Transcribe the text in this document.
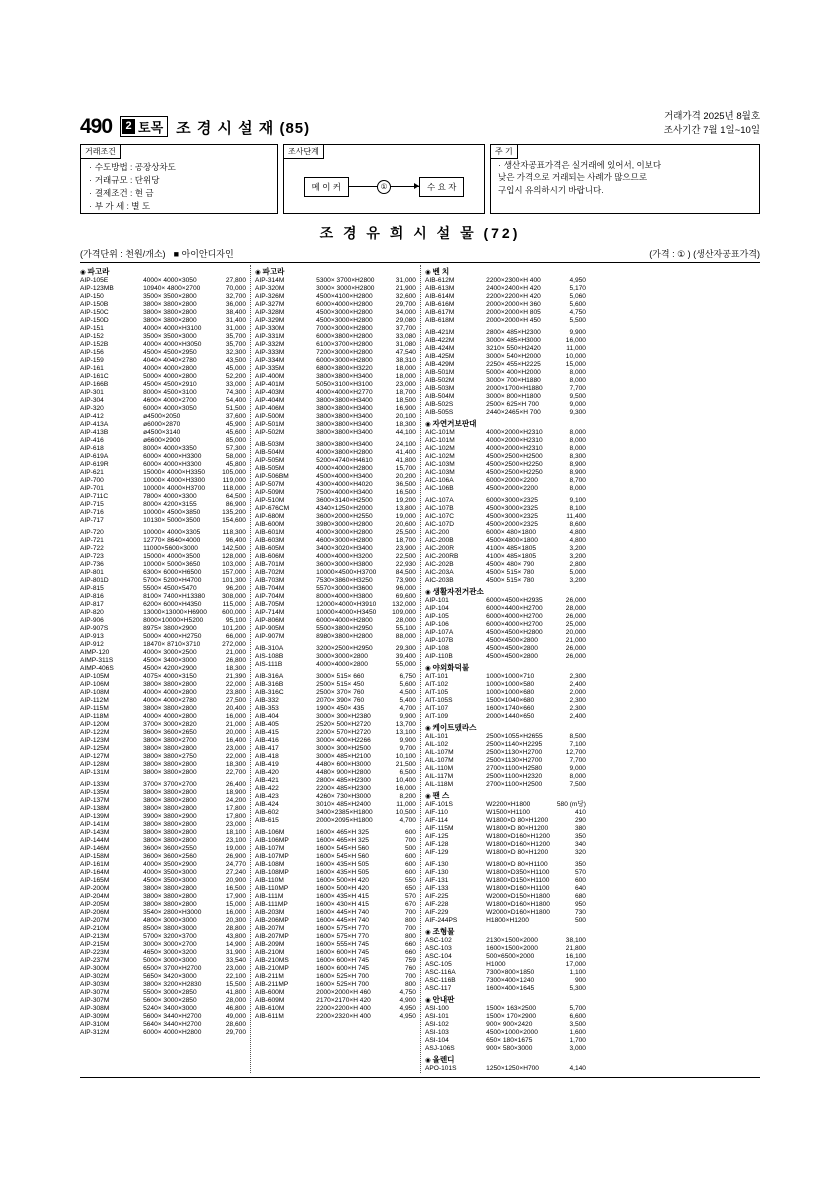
490	2 토목 조 경 시 설 재 (85)
거래가격 2025년 8월호
조사기간 7월 1일~10일
거래조건
· 수도방법 : 공장상차도
· 거래규모 : 단위당
· 결제조건 : 현 금
· 부 가 세 : 별 도
조사단계
메 이 커	①	수 요 자
주 기
· 생산자공표가격은 실거래에 있어서, 이보다
낮은 가격으로 거래되는 사례가 많으므로
구입시 유의하시기 바랍니다.
조 경 유 희 시 설 물 (72)
(가격단위 : 천원/개소) ■ 아이안디자인	(가격 : ① ) (생산자공표가격)
◉ 파고라
AIP-105E	4000× 4000×3050	27,800
AIP-123MB	10940× 4800×2700	70,000
AIP-150	3500× 3500×2800	32,700
AIP-150B	3800× 3800×2800	36,000
AIP-150C	3800× 3800×2800	38,400
AIP-150D	3800× 3800×2800	31,400
AIP-151	4000× 4000×H3100	31,000
AIP-152	3500× 3500×3000	35,700
AIP-152B	4000× 4000×H3050	35,700
AIP-156	4500× 4500×2950	32,300
AIP-159	4040× 4040×2780	43,500
AIP-161	4000× 4000×2800	45,000
AIP-161C	5000× 4000×2800	52,200
AIP-166B	4500× 4500×2910	33,000
AIP-301	8000× 4500×3100	74,300
AIP-304	4600× 4000×2700	54,400
AIP-320	6000× 4000×3050	51,500
AIP-412	ø4500×2050	37,600
AIP-413A	ø6000×2870	45,900
AIP-413B	ø4500×3140	45,600
AIP-416	ø6600×2900	85,000
AIP-618	8000× 4000×3350	57,300
AIP-619A	6000× 4000×H3300	58,000
AIP-619R	6000× 4000×H3300	45,800
AIP-621	15000× 4000×H3350	105,000
AIP-700	10000× 4000×H3300	119,000
AIP-701	10000× 4000×H3700	118,000
AIP-711C	7800× 4000×3300	64,500
AIP-715	8000× 4200×3155	86,900
AIP-716	10000× 4500×3850	135,200
AIP-717	10130× 5000×3500	154,600
AIP-720	10000× 4000×3305	118,300
AIP-721	12770× 8640×4000	96,400
AIP-722	11000×5600×3000	142,500
AIP-723	15000× 4000×3500	128,000
AIP-736	10000× 5000×3650	103,000
AIP-801	6300× 6000×H6500	157,000
AIP-801D	5700× 5200×H4700	101,300
AIP-815	5500× 4500×5470	96,200
AIP-816	8100× 7400×H13380	308,000
AIP-817	6200× 6000×H4350	115,000
AIP-820	13000×13000×H6900	600,000
AIP-906	8000×10000×H5200	95,100
AIP-907S	8975× 3800×2900	101,200
AIP-913	5000× 4000×H2750	66,000
AIP-912	18470× 8710×3710	272,000
AIMP-120	4000× 3000×2500	21,000
AIMP-311S	4500× 3400×3000	26,800
AIMP-406S	4500× 4200×2900	18,300
AIP-105M	4075× 4000×3150	21,390
AIP-106M	3800× 3800×2800	22,000
AIP-108M	4000× 4000×2800	23,800
AIP-112M	4000× 4000×2780	27,500
AIP-115M	3800× 3800×2800	20,400
AIP-118M	4000× 4000×2800	16,000
AIP-120M	3700× 3000×2820	21,000
AIP-122M	3600× 3600×2650	20,000
AIP-123M	3800× 3800×2700	16,400
AIP-125M	3800× 3800×2800	23,000
AIP-127M	3800× 3800×2750	22,000
AIP-128M	3800× 3800×2800	18,300
AIP-131M	3800× 3800×2800	22,700
AIP-133M	3700× 3700×2700	26,400
AIP-135M	3800× 3800×2800	18,900
AIP-137M	3800× 3800×2800	24,200
AIP-138M	3800× 3800×2800	17,800
AIP-139M	3900× 3800×2900	17,800
AIP-141M	3800× 3800×2800	23,000
AIP-143M	3800× 3800×2800	18,100
AIP-144M	3800× 3800×2800	23,100
AIP-146M	3600× 3600×2550	19,000
AIP-158M	3600× 3600×2560	26,900
AIP-161M	4000× 3500×2900	24,770
AIP-164M	4000× 3500×3000	27,240
AIP-165M	4500× 3500×3000	20,900
AIP-200M	3800× 3800×2800	16,500
AIP-204M	3800× 3800×2800	17,900
AIP-205M	3800× 3800×2800	15,000
AIP-206M	3540× 2800×H3000	16,000
AIP-207M	4800× 3000×3000	20,300
AIP-210M	8500× 3800×3000	28,800
AIP-213M	5700× 3200×3700	43,800
AIP-215M	3000× 3000×2700	14,900
AIP-223M	4650× 3000×3200	31,900
AIP-237M	5000× 3000×3000	33,540
AIP-300M	6500× 3700×H2700	23,000
AIP-302M	5650× 3420×3000	22,100
AIP-303M	3800× 3200×H2830	15,500
AIP-307M	5500× 3000×2850	41,800
AIP-307M	5600× 3000×2850	28,000
AIP-308M	5240× 3400×3000	46,800
AIP-309M	5600× 3440×H2700	49,000
AIP-310M	5640× 3440×H2700	28,600
AIP-312M	6000× 4000×H2800	29,700
◉ 파고라
AIP-314M	5300× 3700×H2800	31,000
AIP-320M	3000× 3000×H2800	21,900
AIP-326M	4500×4100×H2800	32,600
AIP-327M	6000×4000×H2800	29,700
AIP-328M	4500×3000×H2800	34,000
AIP-329M	4500×3000×H2800	29,080
AIP-330M	7000×3000×H2800	37,700
AIP-331M	6000×3800×H2800	33,080
AIP-332M	6100×3700×H2800	31,080
AIP-333M	7200×3000×H2800	47,540
AIP-334M	6000×3000×H2800	38,310
AIP-335M	6800×3800×H3220	18,000
AIP-400M	3800×3800×H3400	18,000
AIP-401M	5050×3100×H3100	23,000
AIP-403M	4000×4000×H2770	18,700
AIP-404M	3800×3800×H3400	18,500
AIP-406M	3800×3800×H3400	16,900
AIP-500M	3800×3800×H3400	20,100
AIP-501M	3800×3800×H3400	18,300
AIP-502M	3800×3800×H3400	44,100
AIB-503M	3800×3800×H3400	24,100
AIB-504M	4000×3800×H2800	41,400
AIP-505M	5200×4740×H4610	41,800
AIB-505M	4000×4000×H2800	15,700
AIP-506BM	4500×4000×H3400	20,200
AIP-507M	4300×4000×H4020	36,500
AIP-509M	7500×4000×H3400	16,500
AIP-510M	3600×3140×H2500	19,200
AIP-676CM	4340×1250×H2000	13,800
AIP-680M	3600×2000×H2550	19,000
AIB-600M	3980×3000×H2800	20,600
AIB-601M	4000×3000×H2800	25,500
AIB-603M	4600×3000×H2800	18,700
AIB-605M	3400×3020×H3400	23,900
AIB-606M	4000×4000×H3200	22,500
AIB-701M	3600×3000×H3800	22,930
AIB-702M	10000×4500×H3700	84,500
AIB-703M	7530×3860×H3250	73,900
AIB-704M	5570×3000×H3600	96,000
AIP-704M	8000×4000×H3800	69,600
AIB-705M	12000×4000×H3910	132,000
AIP-714M	10000×4000×H3450	109,000
AIP-806M	6000×4000×H2800	28,000
AIP-905M	5500×3800×H2950	55,100
AIP-907M	8980×3800×H2800	88,000
AIB-310A	3200×2500×H2950	29,300
AIS-108B	3000×3000×2800	39,400
AIS-111B	4000×4000×2800	55,000
AIB-316A	3000× 515× 660	6,750
AIB-316B	2500× 515× 450	5,600
AIB-316C	2500× 370× 760	4,500
AIB-332	2070× 390× 760	5,400
AIB-353	1900× 450× 435	4,700
AIB-404	3000× 300×H2380	9,900
AIB-405	2520× 500×H2720	13,700
AIB-415	2200× 570×H2720	13,100
AIB-416	3000× 400×H2266	9,900
AIB-417	3000× 300×H2500	9,700
AIB-418	3000× 485×H2100	10,100
AIB-419	4480× 600×H3000	21,500
AIB-420	4480× 900×H2800	6,500
AIB-421	2800× 485×H2300	10,400
AIB-422	2200× 485×H2300	16,000
AIB-423	4260× 730×H3000	8,200
AIB-424	3010× 485×H2400	11,000
AIB-602	3400×2385×H1800	10,500
AIB-615	2000×2095×H1800	4,700
AIB-106M	1600× 465×H 325	600
AIB-106MP	1600× 465×H 325	700
AIB-107M	1600× 545×H 560	500
AIB-107MP	1600× 545×H 560	600
AIB-108M	1600× 435×H 505	600
AIB-108MP	1600× 435×H 505	600
AIB-110M	1600× 500×H 420	550
AIB-110MP	1600× 500×H 420	650
AIB-111M	1600× 435×H 415	570
AIB-111MP	1600× 430×H 415	670
AIB-203M	1600× 445×H 740	700
AIB-206MP	1600× 445×H 740	800
AIB-207M	1600× 575×H 770	700
AIB-207MP	1600× 575×H 770	800
AIB-209M	1600× 555×H 745	660
AIB-210M	1600× 600×H 745	660
AIB-210MS	1600× 600×H 745	759
AIB-210MP	1600× 600×H 745	760
AIB-211M	1600× 525×H 700	700
AIB-211MP	1600× 525×H 700	800
AIB-600M	2000×2000×H 460	4,750
AIB-609M	2170×2170×H 420	4,900
AIB-610M	2200×2200×H 400	4,950
AIB-611M	2200×2320×H 400	4,950
◉ 벤 치
AIB-612M	2200×2300×H 400	4,950
AIB-613M	2400×2400×H 420	5,170
AIB-614M	2200×2200×H 420	5,060
AIB-616M	2000×2000×H 360	5,600
AIB-617M	2000×2000×H 805	4,750
AIB-618M	2000×2000×H 450	5,500
AIB-421M	2800× 485×H2300	9,900
AIB-422M	3000× 485×H3000	16,000
AIB-424M	3210× 550×H2420	11,000
AIB-425M	3000× 540×H2000	10,000
AIB-429M	2250× 455×H2225	15,000
AIB-501M	5000× 400×H2000	8,000
AIB-502M	3000× 700×H1880	8,000
AIB-503M	2000×1700×H1880	7,700
AIB-504M	3000× 800×H1800	9,500
AIB-502S	2500× 625×H 700	9,000
AIB-505S	2440×2465×H 700	9,300
◉ 자연거보판대
AIC-101M	4000×2000×H2310	8,000
AIC-101M	4000×2000×H2310	8,000
AIC-102M	4000×2000×H2310	8,000
AIC-102M	4500×2500×H2500	8,300
AIC-103M	4500×2500×H2250	8,900
AIC-103M	4500×2500×H2250	8,900
AIC-106A	6000×2000×2200	8,700
AIC-106B	4500×2000×2200	8,000
AIC-107A	6000×3000×2325	9,100
AIC-107B	4500×3000×2325	8,100
AIC-107C	4500×3000×2325	11,400
AIC-107D	4500×2000×2325	8,600
AIC-200	6000× 480×1800	4,800
AIC-200B	4500×4800×1800	4,800
AIC-200R	4100× 485×1805	3,200
AIC-200RB	4100× 485×1805	3,200
AIC-202B	4500× 480× 790	2,800
AIC-203A	4500× 515× 780	5,000
AIC-203B	4500× 515× 780	3,200
◉ 생활자전거관소
AIP-101	6000×4500×H2935	26,000
AIP-104	6000×4400×H2700	28,000
AIP-105	6000×4000×H2700	26,000
AIP-106	6000×4000×H2700	25,000
AIP-107A	4500×4500×H2800	20,000
AIP-107B	4500×4500×2800	21,000
AIP-108	4500×4500×2800	26,000
AIP-110B	4500×4500×2800	26,000
◉ 야외화덕불
AIT-101	1000×1000×710	2,300
AIT-102	1000×1000×580	2,400
AIT-105	1000×1000×680	2,000
AIT-105S	1500×1040×680	2,300
AIT-107	1600×1740×660	2,300
AIT-109	2000×1440×650	2,400
◉ 케이트뎄라스
AIL-101	2500×1055×H2655	8,500
AIL-102	2500×1140×H2295	7,100
AIL-107M	2500×1130×H2700	12,700
AIL-107M	2500×1130×H2700	7,700
AIL-110M	2700×1100×H2580	9,000
AIL-117M	2500×1100×H2320	8,000
AIL-118M	2700×1100×H2500	7,500
◉ 팬 스
AIF-101S	W2200×H1800	580 (m당)
AIF-110	W1500×H1100	410
AIF-114	W1800×D 80×H1200	290
AIF-115M	W1800×D 80×H1200	380
AIF-125	W1800×D160×H1200	350
AIF-128	W1800×D160×H1200	340
AIF-129	W1800×D 80×H1200	320
AIF-130	W1800×D 80×H1100	350
AIF-130	W1800×D350×H1100	570
AIF-131	W1800×D150×H1100	600
AIF-133	W1800×D160×H1100	640
AIF-225	W2000×D150×H1800	680
AIF-228	W1800×D160×H1800	950
AIF-229	W2000×D160×H1800	730
AIF-244PS	H1800×H1200	500
◉ 조형물
ASC-102	2130×1500×2000	38,100
ASC-103	1600×1500×2000	21,800
ASC-104	500×6500×2000	16,100
ASC-105	H1000	17,000
ASC-116A	7300×800×1850	1,100
ASC-116B	7300×400×1240	900
ASC-117	1600×400×1645	5,300
◉ 안내판
ASI-100	1500× 163×2500	5,700
ASI-101	1500× 170×2900	6,600
ASI-102	900× 900×2420	3,500
ASI-103	4500×1000×2000	1,600
ASI-104	650× 180×1675	1,700
ASJ-106S	900× 580×3000	3,000
◉ 올렌디
APO-101S	1250×1250×H700	4,140
